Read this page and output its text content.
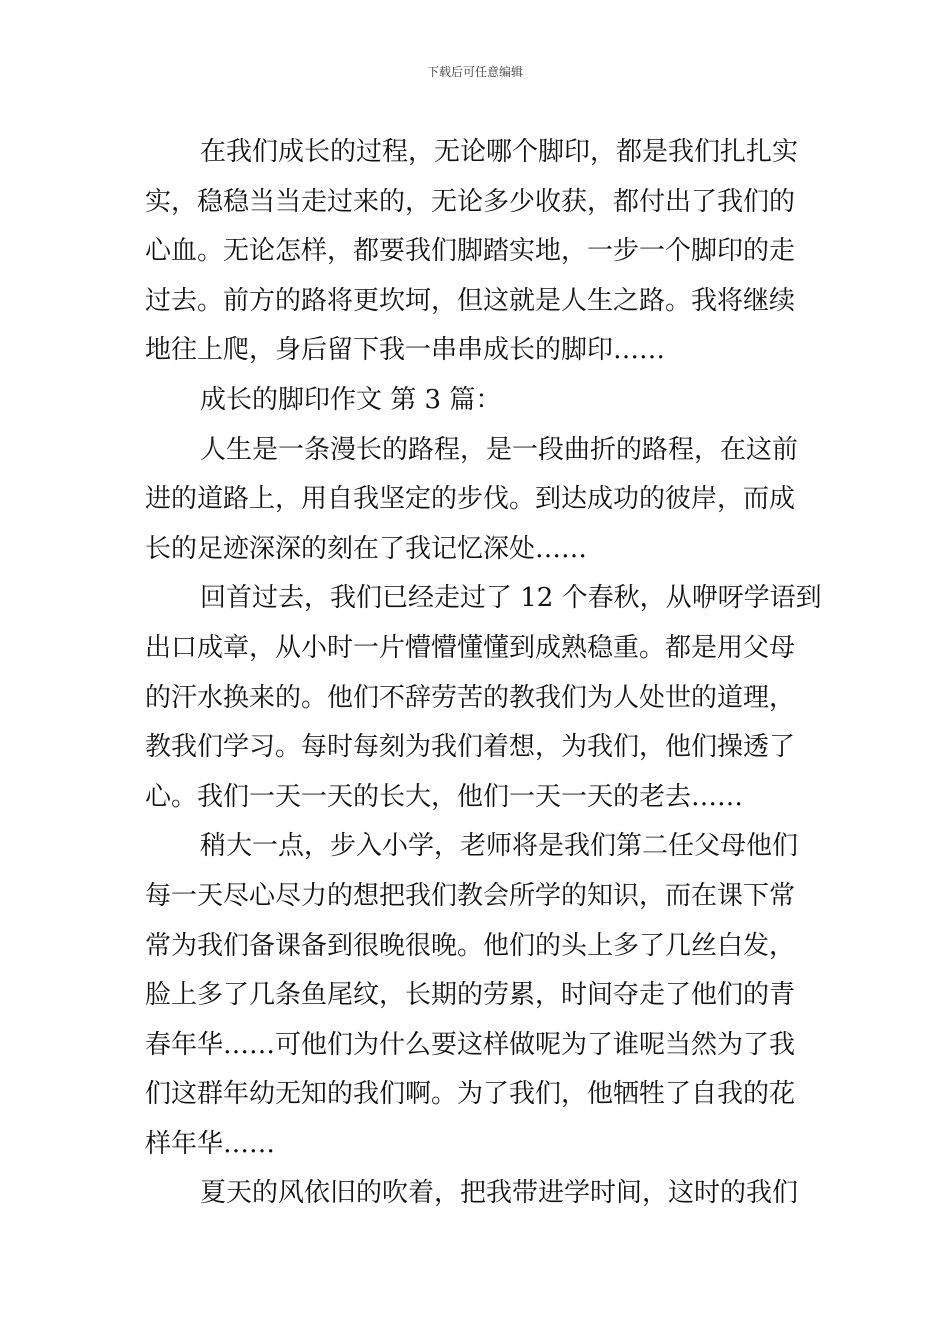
下载后可任意编辑
在我们成长的过程，无论哪个脚印，都是我们扎扎实
实，稳稳当当走过来的，无论多少收获，都付出了我们的
心血。无论怎样，都要我们脚踏实地，一步一个脚印的走
过去。前方的路将更坎坷，但这就是人生之路。我将继续
地往上爬，身后留下我一串串成长的脚印……
成长的脚印作文 第 3 篇：
人生是一条漫长的路程，是一段曲折的路程，在这前
进的道路上，用自我坚定的步伐。到达成功的彼岸，而成
长的足迹深深的刻在了我记忆深处……
回首过去，我们已经走过了 12 个春秋，从咿呀学语到
出口成章，从小时一片懵懵懂懂到成熟稳重。都是用父母
的汗水换来的。他们不辞劳苦的教我们为人处世的道理，
教我们学习。每时每刻为我们着想，为我们，他们操透了
心。我们一天一天的长大，他们一天一天的老去……
稍大一点，步入小学，老师将是我们第二任父母他们
每一天尽心尽力的想把我们教会所学的知识，而在课下常
常为我们备课备到很晚很晚。他们的头上多了几丝白发，
脸上多了几条鱼尾纹，长期的劳累，时间夺走了他们的青
春年华……可他们为什么要这样做呢为了谁呢当然为了我
们这群年幼无知的我们啊。为了我们，他牺牲了自我的花
样年华……
夏天的风依旧的吹着，把我带进学时间，这时的我们
